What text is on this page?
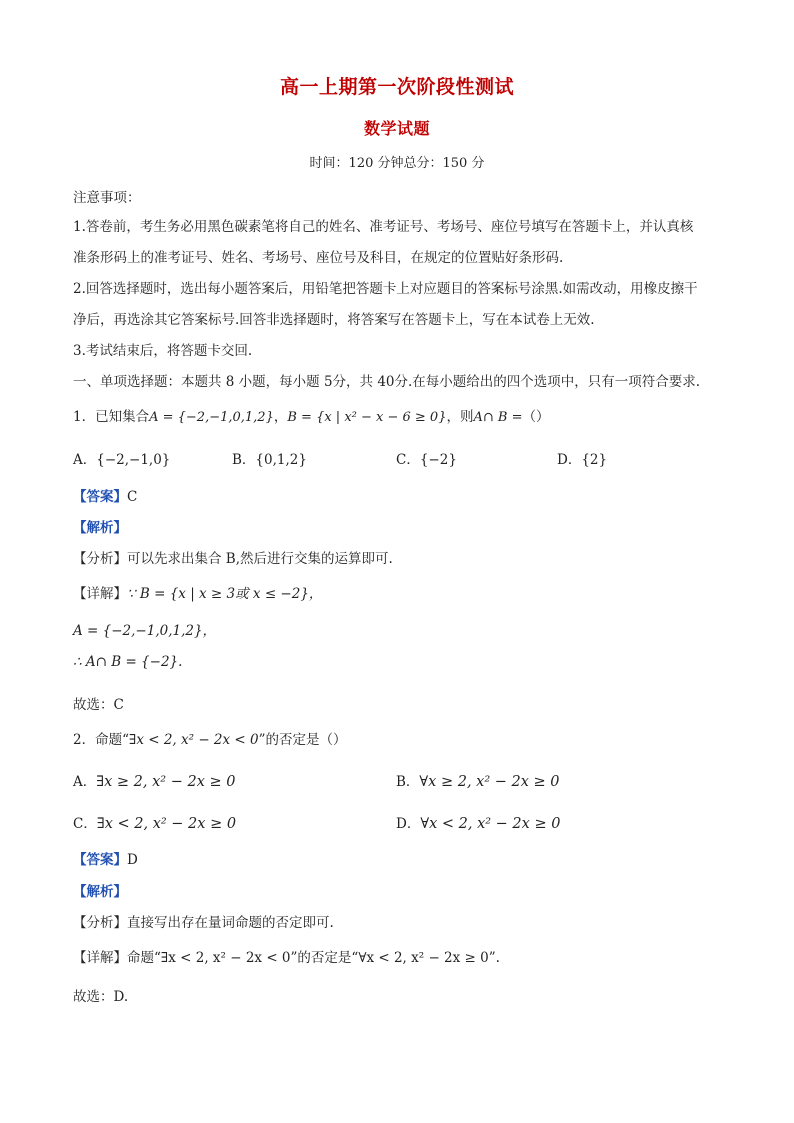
高一上期第一次阶段性测试
数学试题
时间：120 分钟总分：150 分
注意事项：
1.答卷前，考生务必用黑色碳素笔将自己的姓名、准考证号、考场号、座位号填写在答题卡上，并认真核
准条形码上的准考证号、姓名、考场号、座位号及科目，在规定的位置贴好条形码.
2.回答选择题时，选出每小题答案后，用铅笔把答题卡上对应题目的答案标号涂黑.如需改动，用橡皮擦干
净后，再选涂其它答案标号.回答非选择题时，将答案写在答题卡上，写在本试卷上无效.
3.考试结束后，将答题卡交回.
一、单项选择题：本题共 8 小题，每小题 5分，共 40分.在每小题给出的四个选项中，只有一项符合要求.
1．已知集合A = {−2,−1,0,1,2}，B = {x | x² − x − 6 ≥ 0}，则A∩ B =（）
A．{−2,−1,0}	B．{0,1,2}	C．{−2}	D．{2}
【答案】C
【解析】
【分析】可以先求出集合 B,然后进行交集的运算即可.
【详解】∵ B = {x | x ≥ 3或 x ≤ −2}，
A = {−2,−1,0,1,2}，
∴ A∩ B = {−2}.
故选：C
2．命题“∃x < 2, x² − 2x < 0”的否定是（）
A．∃x ≥ 2, x² − 2x ≥ 0	B．∀x ≥ 2, x² − 2x ≥ 0
C．∃x < 2, x² − 2x ≥ 0	D．∀x < 2, x² − 2x ≥ 0
【答案】D
【解析】
【分析】直接写出存在量词命题的否定即可.
【详解】命题“∃x < 2, x² − 2x < 0”的否定是“∀x < 2, x² − 2x ≥ 0”.
故选：D.
